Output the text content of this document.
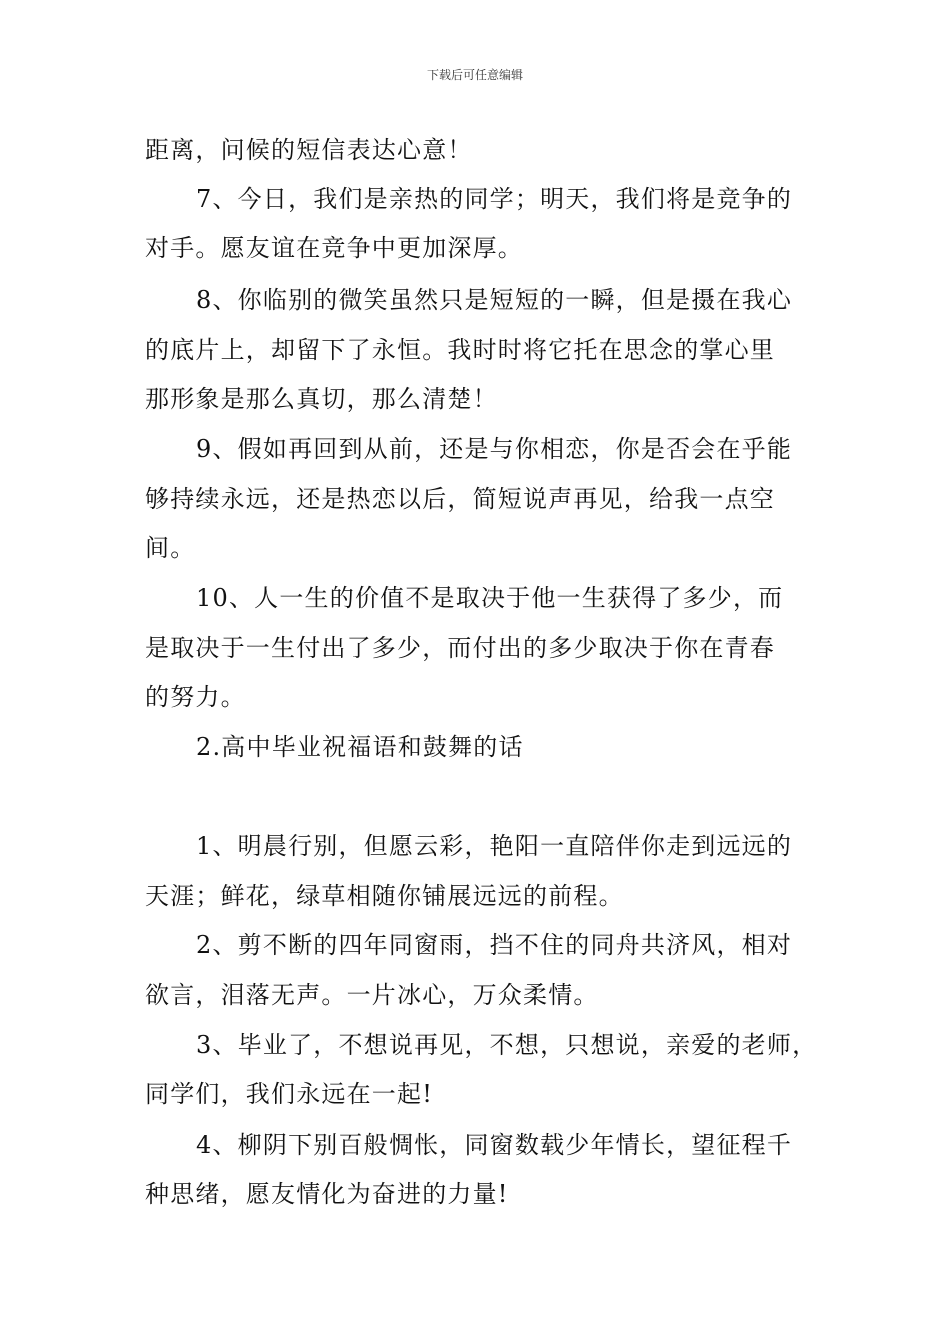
下载后可任意编辑
距离，问候的短信表达心意！
7、今日，我们是亲热的同学；明天，我们将是竞争的
对手。愿友谊在竞争中更加深厚。
8、你临别的微笑虽然只是短短的一瞬，但是摄在我心
的底片上，却留下了永恒。我时时将它托在思念的掌心里
那形象是那么真切，那么清楚！
9、假如再回到从前，还是与你相恋，你是否会在乎能
够持续永远，还是热恋以后，简短说声再见，给我一点空
间。
10、人一生的价值不是取决于他一生获得了多少，而
是取决于一生付出了多少，而付出的多少取决于你在青春
的努力。
2.高中毕业祝福语和鼓舞的话
1、明晨行别，但愿云彩，艳阳一直陪伴你走到远远的
天涯；鲜花，绿草相随你铺展远远的前程。
2、剪不断的四年同窗雨，挡不住的同舟共济风，相对
欲言，泪落无声。一片冰心，万众柔情。
3、毕业了，不想说再见，不想，只想说，亲爱的老师，
同学们，我们永远在一起!
4、柳阴下别百般惆怅，同窗数载少年情长，望征程千
种思绪，愿友情化为奋进的力量!
